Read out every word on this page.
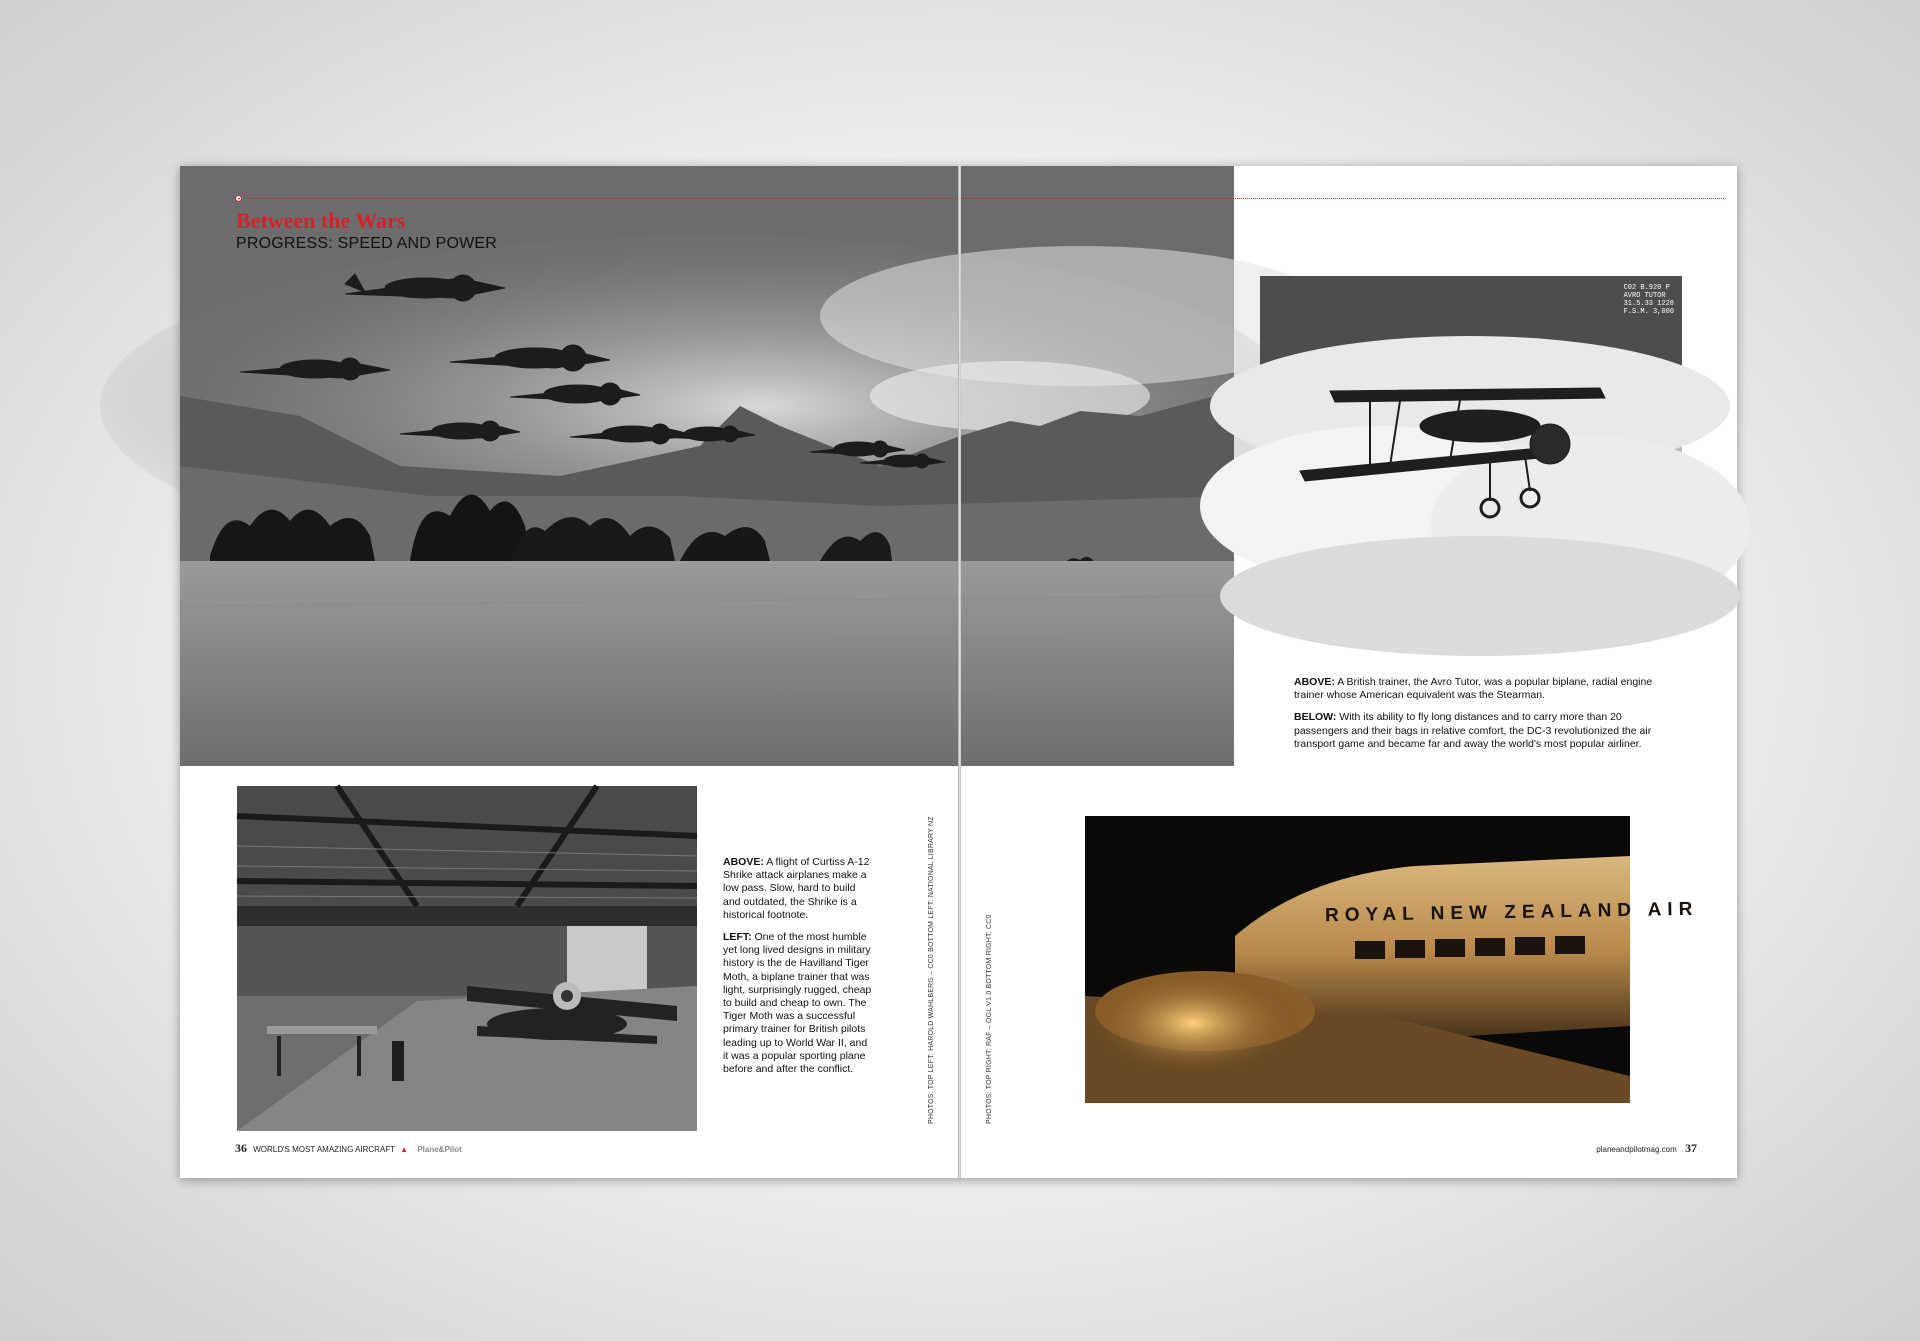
Between the Wars
PROGRESS: SPEED AND POWER
C02 B.920 P
AVRO TUTOR
31.5.33 1228
F.S.M. 3,000
ROYAL NEW ZEALAND AIR

ABOVE: A flight of Curtiss A-12 Shrike attack airplanes make a low pass. Slow, hard to build and outdated, the Shrike is a historical footnote.

LEFT: One of the most humble yet long lived designs in military history is the de Havilland Tiger Moth, a biplane trainer that was light, surprisingly rugged, cheap to build and cheap to own. The Tiger Moth was a successful primary trainer for British pilots leading up to World War II, and it was a popular sporting plane before and after the conflict.

ABOVE: A British trainer, the Avro Tutor, was a popular biplane, radial engine trainer whose American equivalent was the Stearman.

BELOW: With its ability to fly long distances and to carry more than 20 passengers and their bags in relative comfort, the DC-3 revolutionized the air transport game and became far and away the world's most popular airliner.

PHOTOS: TOP LEFT: HAROLD WAHLBERG – CC0 BOTTOM LEFT: NATIONAL LIBRARY NZ	PHOTOS: TOP RIGHT: RAF – OGL V1.0 BOTTOM RIGHT: CC0
36 WORLD'S MOST AMAZING AIRCRAFT ▲ Plane&Pilot	planeandpilotmag.com 37
